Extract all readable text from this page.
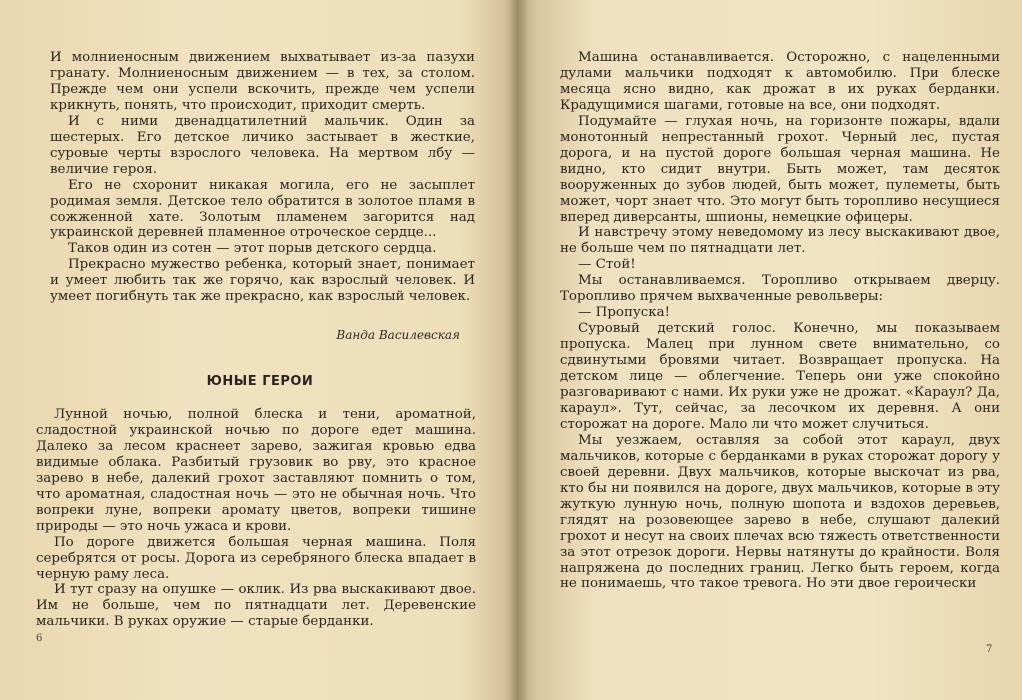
И молниеносным движением выхватывает из-за пазухи гранату. Молниеносным движением — в тех, за столом. Прежде чем они успели вскочить, прежде чем успели крикнуть, понять, что происходит, приходит смерть.

И с ними двенадцатилетний мальчик. Один за шестерых. Его детское личико застывает в жесткие, суровые черты взрослого человека. На мертвом лбу — величие героя.

Его не схоронит никакая могила, его не засыплет родимая земля. Детское тело обратится в золотое пламя в сожженной хате. Золотым пламенем загорится над украинской деревней пламенное отроческое сердце...

Таков один из сотен — этот порыв детского сердца.

Прекрасно мужество ребенка, который знает, понимает и умеет любить так же горячо, как взрослый человек. И умеет погибнуть так же прекрасно, как взрослый человек.

Ванда Василевская
ЮНЫЕ ГЕРОИ

Лунной ночью, полной блеска и тени, ароматной, сладостной украинской ночью по дороге едет машина. Далеко за лесом краснеет зарево, зажигая кровью едва видимые облака. Разбитый грузовик во рву, это красное зарево в небе, далекий грохот заставляют помнить о том, что ароматная, сладостная ночь — это не обычная ночь. Что вопреки луне, вопреки аромату цветов, вопреки тишине природы — это ночь ужаса и крови.

По дороге движется большая черная машина. Поля серебрятся от росы. Дорога из серебряного блеска впадает в черную раму леса.

И тут сразу на опушке — оклик. Из рва выскакивают двое. Им не больше, чем по пятнадцати лет. Деревенские мальчики. В руках оружие — старые берданки.

6

Машина останавливается. Осторожно, с нацеленными дулами мальчики подходят к автомобилю. При блеске месяца ясно видно, как дрожат в их руках берданки. Крадущимися шагами, готовые на все, они подходят.

Подумайте — глухая ночь, на горизонте пожары, вдали монотонный непрестанный грохот. Черный лес, пустая дорога, и на пустой дороге большая черная машина. Не видно, кто сидит внутри. Быть может, там десяток вооруженных до зубов людей, быть может, пулеметы, быть может, чорт знает что. Это могут быть торопливо несущиеся вперед диверсанты, шпионы, немецкие офицеры.

И навстречу этому неведомому из лесу выскакивают двое, не больше чем по пятнадцати лет.

— Стой!

Мы останавливаемся. Торопливо открываем дверцу. Торопливо прячем выхваченные револьверы:

— Пропуска!

Суровый детский голос. Конечно, мы показываем пропуска. Малец при лунном свете внимательно, со сдвинутыми бровями читает. Возвращает пропуска. На детском лице — облегчение. Теперь они уже спокойно разговаривают с нами. Их руки уже не дрожат. «Караул? Да, караул». Тут, сейчас, за лесочком их деревня. А они сторожат на дороге. Мало ли что может случиться.

Мы уезжаем, оставляя за собой этот караул, двух мальчиков, которые с берданками в руках сторожат дорогу у своей деревни. Двух мальчиков, которые выскочат из рва, кто бы ни появился на дороге, двух мальчиков, которые в эту жуткую лунную ночь, полную шопота и вздохов деревьев, глядят на розовеющее зарево в небе, слушают далекий грохот и несут на своих плечах всю тяжесть ответственности за этот отрезок дороги. Нервы натянуты до крайности. Воля напряжена до последних границ. Легко быть героем, когда не понимаешь, что такое тревога. Но эти двое героически

7
